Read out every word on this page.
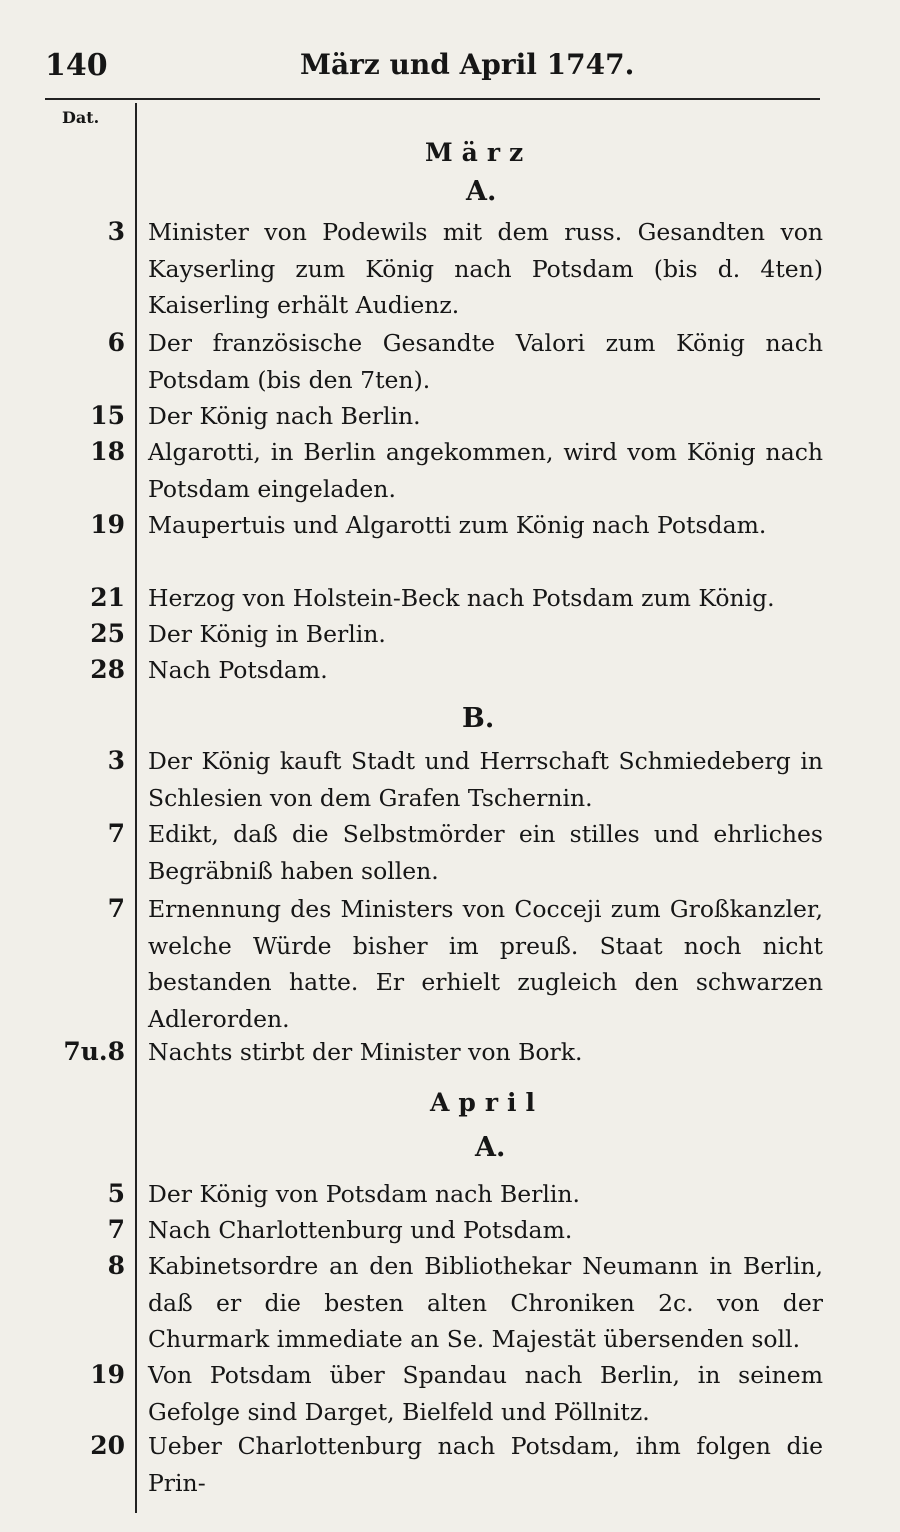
140	März und April 1747.
Dat.
März
A.
3 Minister von Podewils mit dem russ. Gesandten von Kayserling zum König nach Potsdam (bis d. 4ten) Kaiserling erhält Audienz.
6 Der französische Gesandte Valori zum König nach Potsdam (bis den 7ten).
15 Der König nach Berlin.
18 Algarotti, in Berlin angekommen, wird vom König nach Potsdam eingeladen.
19 Maupertuis und Algarotti zum König nach Potsdam.
21 Herzog von Holstein-Beck nach Potsdam zum König.
25 Der König in Berlin.
28 Nach Potsdam.
B.
3 Der König kauft Stadt und Herrschaft Schmiedeberg in Schlesien von dem Grafen Tschernin.
7 Edikt, daß die Selbstmörder ein stilles und ehrliches Begräbniß haben sollen.
7 Ernennung des Ministers von Cocceji zum Großkanzler, welche Würde bisher im preuß. Staat noch nicht bestanden hatte. Er erhielt zugleich den schwarzen Adlerorden.
7u.8 Nachts stirbt der Minister von Bork.
April
A.
5 Der König von Potsdam nach Berlin.
7 Nach Charlottenburg und Potsdam.
8 Kabinetsordre an den Bibliothekar Neumann in Berlin, daß er die besten alten Chroniken 2c. von der Churmark immediate an Se. Majestät übersenden soll.
19 Von Potsdam über Spandau nach Berlin, in seinem Gefolge sind Darget, Bielfeld und Pöllnitz.
20 Ueber Charlottenburg nach Potsdam, ihm folgen die Prin-
